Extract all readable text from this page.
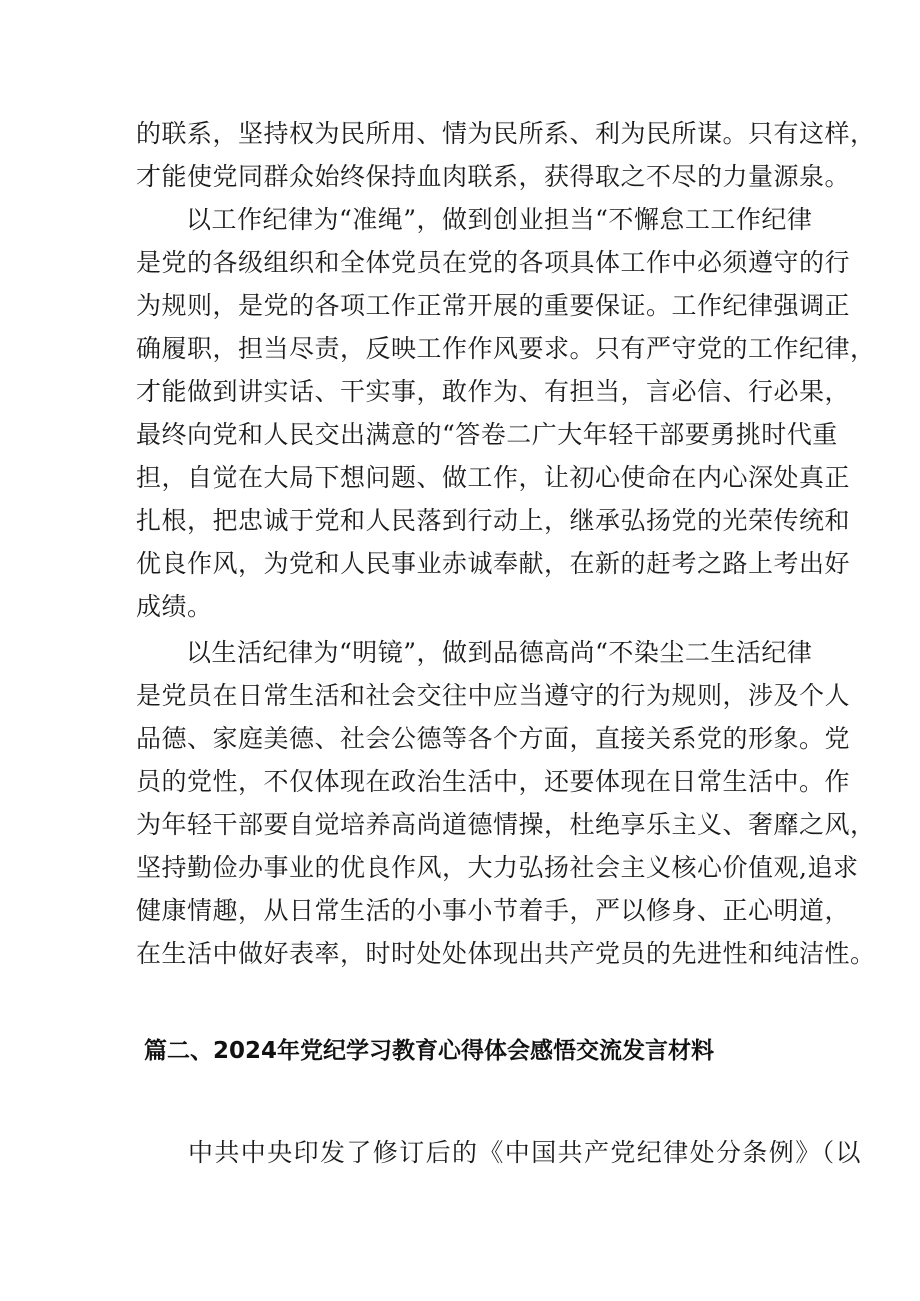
的联系，坚持权为民所用、情为民所系、利为民所谋。只有这样，
才能使党同群众始终保持血肉联系，获得取之不尽的力量源泉。
以工作纪律为“准绳”，做到创业担当“不懈怠工工作纪律
是党的各级组织和全体党员在党的各项具体工作中必须遵守的行
为规则，是党的各项工作正常开展的重要保证。工作纪律强调正
确履职，担当尽责，反映工作作风要求。只有严守党的工作纪律，
才能做到讲实话、干实事，敢作为、有担当，言必信、行必果，
最终向党和人民交出满意的“答卷二广大年轻干部要勇挑时代重
担，自觉在大局下想问题、做工作，让初心使命在内心深处真正
扎根，把忠诚于党和人民落到行动上，继承弘扬党的光荣传统和
优良作风，为党和人民事业赤诚奉献，在新的赶考之路上考出好
成绩。
以生活纪律为“明镜”，做到品德高尚“不染尘二生活纪律
是党员在日常生活和社会交往中应当遵守的行为规则，涉及个人
品德、家庭美德、社会公德等各个方面，直接关系党的形象。党
员的党性，不仅体现在政治生活中，还要体现在日常生活中。作
为年轻干部要自觉培养高尚道德情操，杜绝享乐主义、奢靡之风，
坚持勤俭办事业的优良作风，大力弘扬社会主义核心价值观,追求
健康情趣，从日常生活的小事小节着手，严以修身、正心明道，
在生活中做好表率，时时处处体现出共产党员的先进性和纯洁性。
篇二、2024年党纪学习教育心得体会感悟交流发言材料
中共中央印发了修订后的《中国共产党纪律处分条例》（以
